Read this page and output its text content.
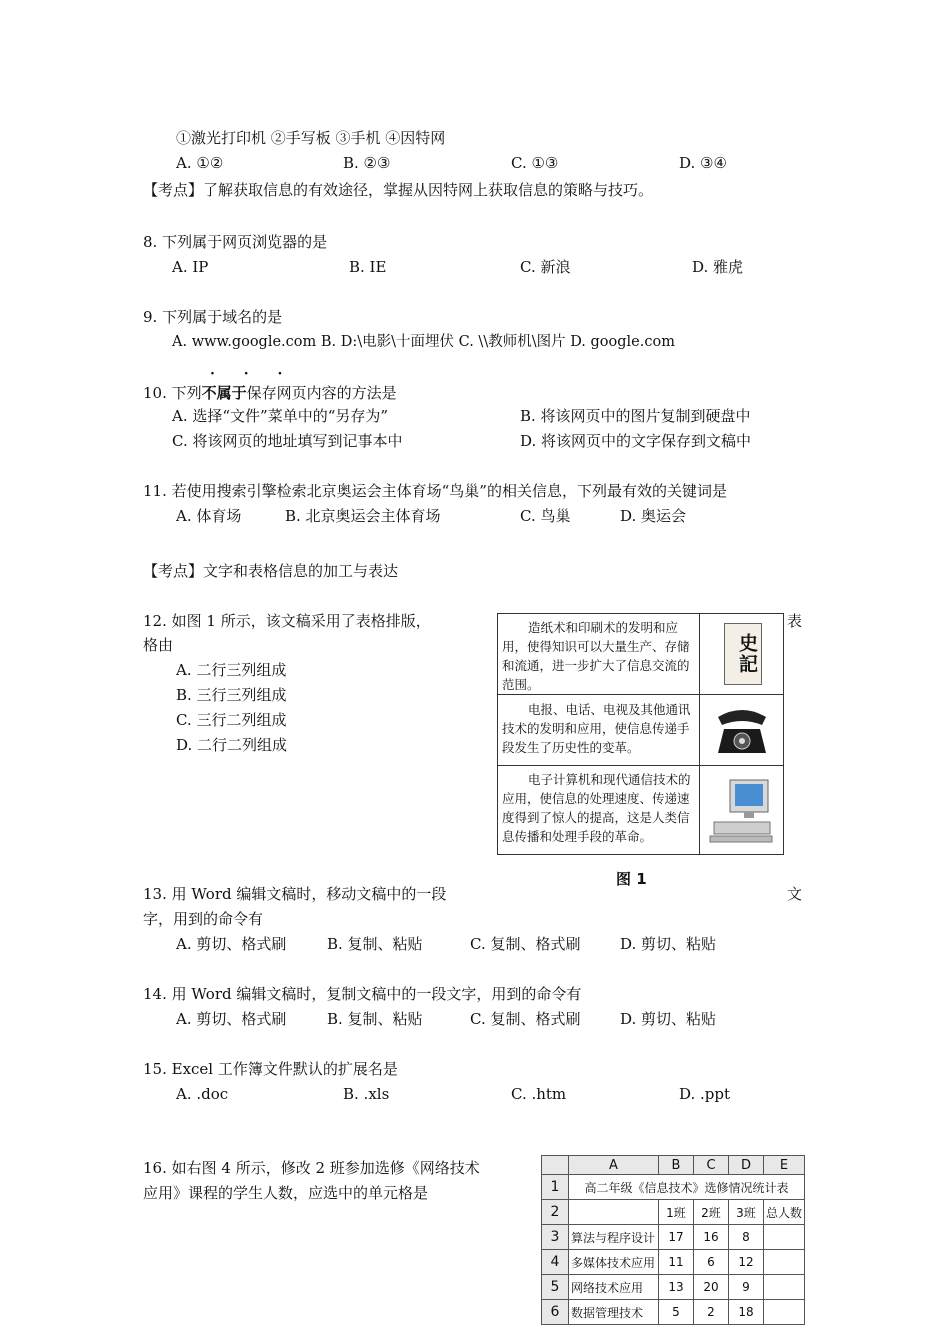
①激光打印机 ②手写板 ③手机 ④因特网
A. ①②	B. ②③	C. ①③	D. ③④
【考点】了解获取信息的有效途径，掌握从因特网上获取信息的策略与技巧。
8. 下列属于网页浏览器的是
A. IP	B. IE	C. 新浪	D. 雅虎
9. 下列属于域名的是
A. www.google.com B. D:\电影\十面埋伏 C. \\教师机\图片 D. google.com
· · ·
10. 下列不属于保存网页内容的方法是
A. 选择“文件”菜单中的“另存为”	B. 将该网页中的图片复制到硬盘中
C. 将该网页的地址填写到记事本中	D. 将该网页中的文字保存到文稿中
11. 若使用搜索引擎检索北京奥运会主体育场“鸟巢”的相关信息，下列最有效的关键词是
A. 体育场	B. 北京奥运会主体育场	C. 鸟巢	D. 奥运会
【考点】文字和表格信息的加工与表达
12. 如图 1 所示，该文稿采用了表格排版，	表
格由
A. 二行三列组成
B. 三行三列组成
C. 三行二列组成
D. 二行二列组成
造纸术和印刷术的发明和应用，使得知识可以大量生产、存储和流通，进一步扩大了信息交流的范围。
史記
电报、电话、电视及其他通讯技术的发明和应用，使信息传递手段发生了历史性的变革。
电子计算机和现代通信技术的应用，使信息的处理速度、传递速度得到了惊人的提高，这是人类信息传播和处理手段的革命。
图 1
13. 用 Word 编辑文稿时，移动文稿中的一段	文
字，用到的命令有
A. 剪切、格式刷	B. 复制、粘贴	C. 复制、格式刷	D. 剪切、粘贴
14. 用 Word 编辑文稿时，复制文稿中的一段文字，用到的命令有
A. 剪切、格式刷	B. 复制、粘贴	C. 复制、格式刷	D. 剪切、粘贴
15. Excel 工作簿文件默认的扩展名是
A. .doc	B. .xls	C. .htm	D. .ppt
16. 如右图 4 所示，修改 2 班参加选修《网络技术
应用》课程的学生人数，应选中的单元格是
	A	B	C	D	E
1	高二年级《信息技术》选修情况统计表				
2		1班	2班	3班	总人数
3	算法与程序设计	17	16	8	
4	多媒体技术应用	11	6	12	
5	网络技术应用	13	20	9	
6	数据管理技术	5	2	18	
